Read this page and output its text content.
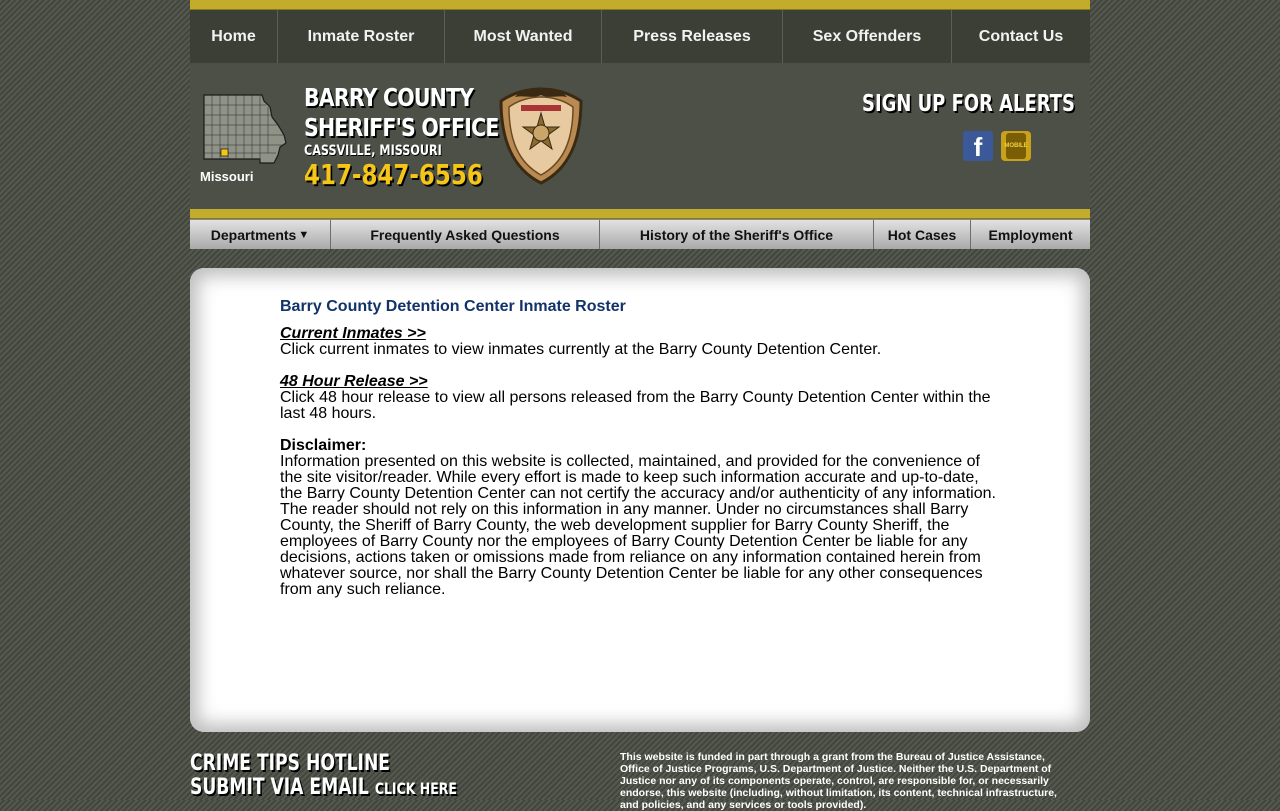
Home	Inmate Roster	Most Wanted	Press Releases	Sex Offenders	Contact Us
Missouri
BARRY COUNTY
SHERIFF'S OFFICE
CASSVILLE, MISSOURI
417-847-6556
SIGN UP FOR ALERTS
f	MOBILE
Departments ▼	Frequently Asked Questions	History of the Sheriff's Office	Hot Cases	Employment
Barry County Detention Center Inmate Roster

Current Inmates >>
Click current inmates to view inmates currently at the Barry County Detention Center.

48 Hour Release >>
Click 48 hour release to view all persons released from the Barry County Detention Center within the last 48 hours.

Disclaimer:
Information presented on this website is collected, maintained, and provided for the convenience of the site visitor/reader. While every effort is made to keep such information accurate and up-to-date, the Barry County Detention Center can not certify the accuracy and/or authenticity of any information. The reader should not rely on this information in any manner. Under no circumstances shall Barry County, the Sheriff of Barry County, the web development supplier for Barry County Sheriff, the employees of Barry County nor the employees of Barry County Detention Center be liable for any decisions, actions taken or omissions made from reliance on any information contained herein from whatever source, nor shall the Barry County Detention Center be liable for any other consequences from any such reliance.

CRIME TIPS HOTLINE
SUBMIT VIA EMAIL CLICK HERE
This website is funded in part through a grant from the Bureau of Justice Assistance, Office of Justice Programs, U.S. Department of Justice. Neither the U.S. Department of Justice nor any of its components operate, control, are responsible for, or necessarily endorse, this website (including, without limitation, its content, technical infrastructure, and policies, and any services or tools provided).
